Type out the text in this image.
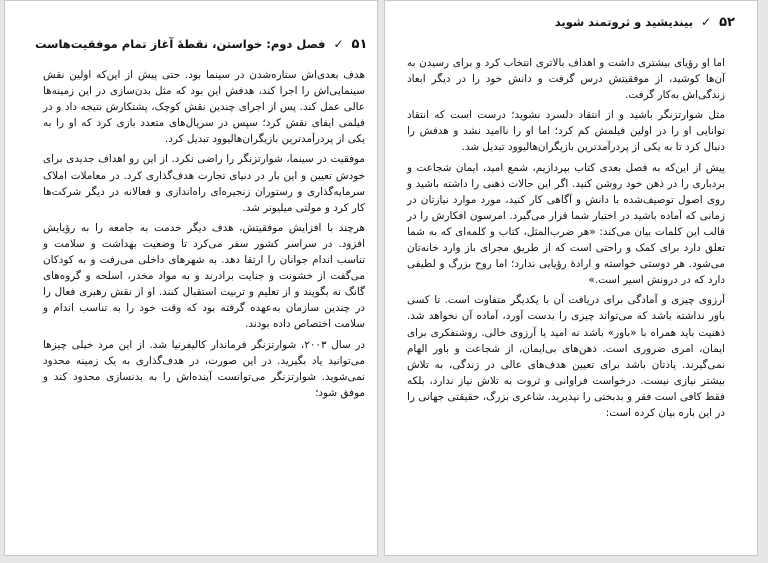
۵۱ ✓ فصل دوم: خواستن، نقطهٔ آغاز تمام موفقیت‌هاست

هدف بعدی‌اش ستاره‌شدن در سینما بود. حتی پیش از این‌که اولین نقش سینمایی‌اش را اجرا کند، هدفش این بود که مثل بدن‌سازی در این زمینه‌ها عالی عمل کند. پس از اجرای چندین نقش کوچک، پشتکارش نتیجه داد و در فیلمی ایفای نقش کرد؛ سپس در سریال‌های متعدد بازی کرد که او را به یکی از پردرآمدترین بازیگران‌هالیوود تبدیل کرد.

موفقیت در سینما، شوارتزنگر را راضی نکرد. از این رو اهداف جدیدی برای خودش تعیین و این بار در دنیای تجارت هدف‌گذاری کرد. در معاملات املاک سرمایه‌گذاری و رستوران زنجیره‌ای راه‌اندازی و فعالانه در دیگر شرکت‌ها کار کرد و مولتی میلیونر شد.

هرچند با افزایش موفقیتش، هدف دیگر خدمت به جامعه را به رؤیایش افزود. در سراسر کشور سفر می‌کرد تا وضعیت بهداشت و سلامت و تناسب اندام جوانان را ارتقا دهد. به شهرهای داخلی می‌رفت و به کودکان می‌گفت از خشونت و جنایت برادرند و به مواد مخدر، اسلحه و گروه‌های گانگ نه بگویند و از تعلیم و تربیت استقبال کنند. او از نقش رهبری فعال را در چندین سازمان به‌عهده گرفته بود که وقت خود را به تناسب اندام و سلامت اختصاص داده بودند.

در سال ۲۰۰۳، شوارتزنگر فرماندار کالیفرنیا شد. از این مرد خیلی چیزها می‌توانید یاد بگیرید. در این صورت، در هدف‌گذاری به یک زمینه محدود نمی‌شوید. شوارتزنگر می‌توانست آینده‌اش را به بدنسازی محدود کند و موفق شود؛

۵۲ ✓ بیندیشید و ثروتمند شوید

اما او رؤیای بیشتری داشت و اهداف بالاتری انتخاب کرد و برای رسیدن به آن‌ها کوشید، از موفقیتش درس گرفت و دانش خود را در دیگر ابعاد زندگی‌اش به‌کار گرفت.

مثل شوارتزنگر باشید و از انتقاد دلسرد نشوید؛ درست است که انتقاد توانایی او را در اولین فیلمش کم کرد؛ اما او را ناامید نشد و هدفش را دنبال کرد تا به یکی از پردرآمدترین بازیگران‌هالیوود تبدیل شد.

پیش از این‌که به فصل بعدی کتاب بپردازیم، شمع امید، ایمان شجاعت و بردباری را در ذهن خود روشن کنید. اگر این حالات ذهنی را داشته باشید و روی اصول توصیف‌شده با دانش و آگاهی کار کنید، مورد موارد نیازتان در زمانی که آماده باشید در اختیار شما قرار می‌گیرد. امرسون افکارش را در قالب این کلمات بیان می‌کند: «هر ضرب‌المثل، کتاب و کلمه‌ای که به شما تعلق دارد برای کمک و راحتی است که از طریق مجرای باز وارد خانه‌تان می‌شود. هر دوستی خواسته و ارادهٔ رؤیایی ندارد؛ اما روح بزرگ و لطیفی دارد که در درونش اسیر است.»

آرزوی چیزی و آمادگی برای دریافت آن با یکدیگر متفاوت است. تا کسی باور نداشته باشد که می‌تواند چیزی را بدست آورد، آماده آن نخواهد شد. ذهنیت باید همراه با «باور» باشد نه امید یا آرزوی خالی. روشنفکری برای ایمان، امری ضروری است. ذهن‌های بی‌ایمان، از شجاعت و باور الهام نمی‌گیرند. یادتان باشد برای تعیین هدف‌های عالی در زندگی، به تلاش بیشتر نیازی نیست. درخواست فراوانی و ثروت به تلاش نیاز ندارد، بلکه فقط کافی است فقر و بدبختی را نپذیرید. شاعری بزرگ، حقیقتی جهانی را در این باره بیان کرده است:
